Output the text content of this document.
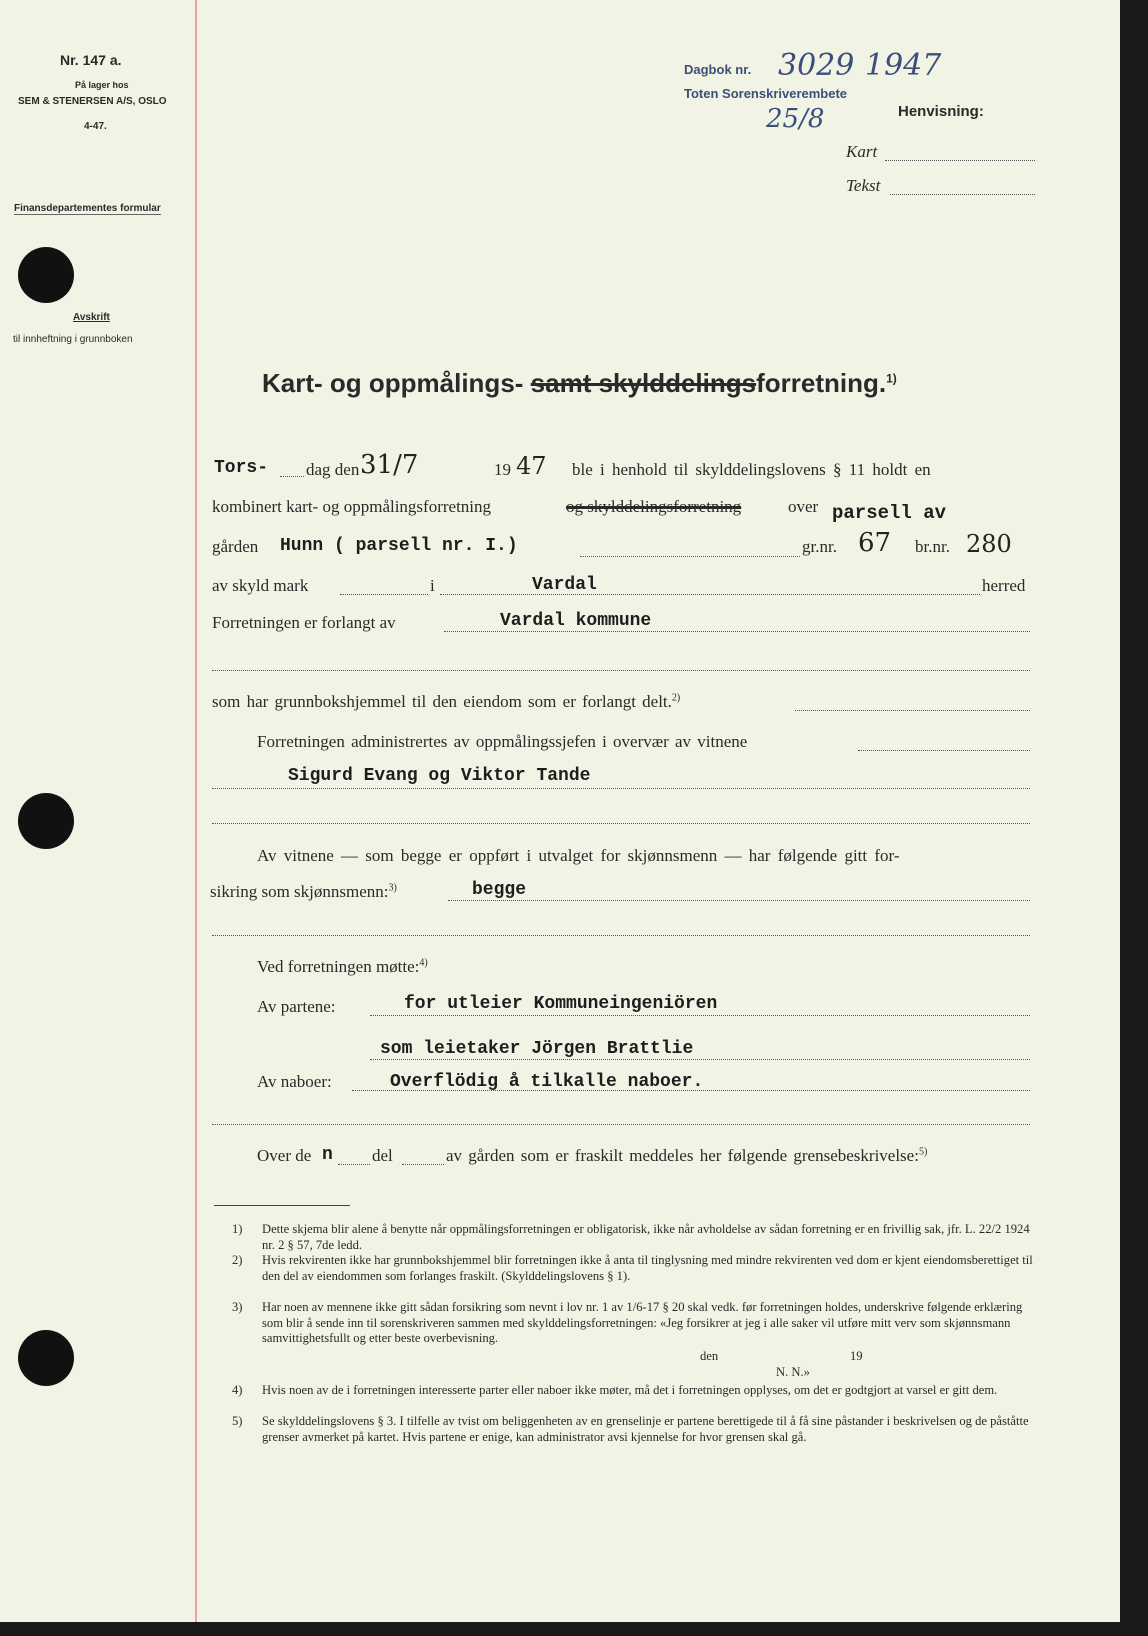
Nr. 147 a.
På lager hos
SEM & STENERSEN A/S, OSLO
4-47.
Finansdepartementes formular
Avskrift
til innheftning i grunnboken
Dagbok nr. 3029 1947
Toten Sorenskriverembete
25/8	Henvisning:
Kart
Tekst
Kart- og oppmålings- samt skylddelingsforretning.$^{1)}$
Tors- dag den 31/7	19 47 ble i henhold til skylddelingslovens § 11 holdt en
kombinert kart- og oppmålingsforretning	og skylddelingsforretning	over parsell av
gården Hunn ( parsell nr. I.)	gr.nr. 67 br.nr. 280
av skyld mark	i	Vardal	herred
Forretningen er forlangt av	Vardal kommune
som har grunnbokshjemmel til den eiendom som er forlangt delt.$^{2)}$
Forretningen administrertes av oppmålingssjefen i overvær av vitnene
Sigurd Evang og Viktor Tande
Av vitnene — som begge er oppført i utvalget for skjønnsmenn — har følgende gitt for-
sikring som skjønnsmenn:$^{3)}$	begge
Ved forretningen møtte:$^{4)}$
Av partene:	for utleier Kommuneingeniören
som leietaker Jörgen Brattlie
Av naboer:	Overflödig å tilkalle naboer.
Over de n del	av gården som er fraskilt meddeles her følgende grensebeskrivelse:$^{5)}$
1) Dette skjema blir alene å benytte når oppmålingsforretningen er obligatorisk, ikke når avholdelse av sådan forretning er en frivillig sak, jfr. L. 22/2 1924 nr. 2 § 57, 7de ledd.
2) Hvis rekvirenten ikke har grunnbokshjemmel blir forretningen ikke å anta til tinglysning med mindre rekvirenten ved dom er kjent eiendomsberettiget til den del av eiendommen som forlanges fraskilt. (Skylddelingslovens § 1).
3) Har noen av mennene ikke gitt sådan forsikring som nevnt i lov nr. 1 av 1/6-17 § 20 skal vedk. før forretningen holdes, underskrive følgende erklæring som blir å sende inn til sorenskriveren sammen med skylddelingsforretningen: «Jeg forsikrer at jeg i alle saker vil utføre mitt verv som skjønnsmann samvittighetsfullt og etter beste overbevisning.
den	19
N. N.»
4) Hvis noen av de i forretningen interesserte parter eller naboer ikke møter, må det i forretningen opplyses, om det er godtgjort at varsel er gitt dem.
5) Se skylddelingslovens § 3. I tilfelle av tvist om beliggenheten av en grenselinje er partene berettigede til å få sine påstander i beskrivelsen og de påståtte grenser avmerket på kartet. Hvis partene er enige, kan administrator avsi kjennelse for hvor grensen skal gå.
